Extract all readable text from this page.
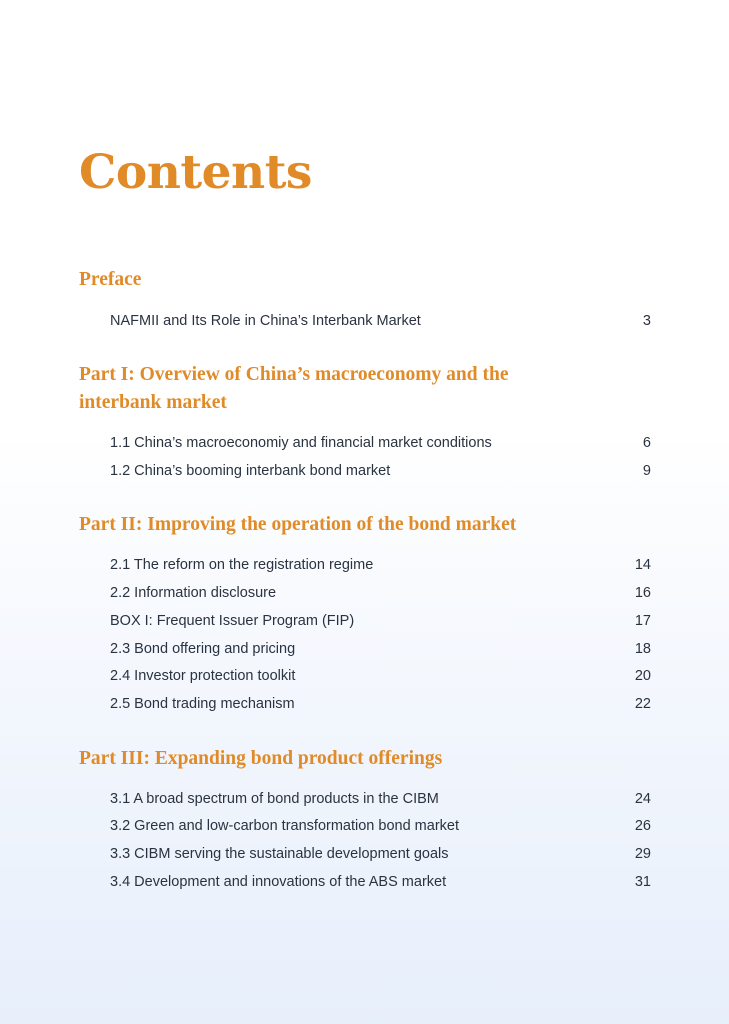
Contents
Preface
NAFMII and Its Role in China’s Interbank Market	3
Part I: Overview of China’s macroeconomy and the interbank market
1.1 China’s macroeconomiy and financial market conditions	6
1.2 China’s booming interbank bond market	9
Part II: Improving the operation of the bond market
2.1 The reform on the registration regime	14
2.2 Information disclosure	16
BOX I: Frequent Issuer Program (FIP)	17
2.3 Bond offering and pricing	18
2.4 Investor protection toolkit	20
2.5 Bond trading mechanism	22
Part III: Expanding bond product offerings
3.1 A broad spectrum of bond products in the CIBM	24
3.2 Green and low-carbon transformation bond market	26
3.3 CIBM serving the sustainable development goals	29
3.4 Development and innovations of the ABS market	31
